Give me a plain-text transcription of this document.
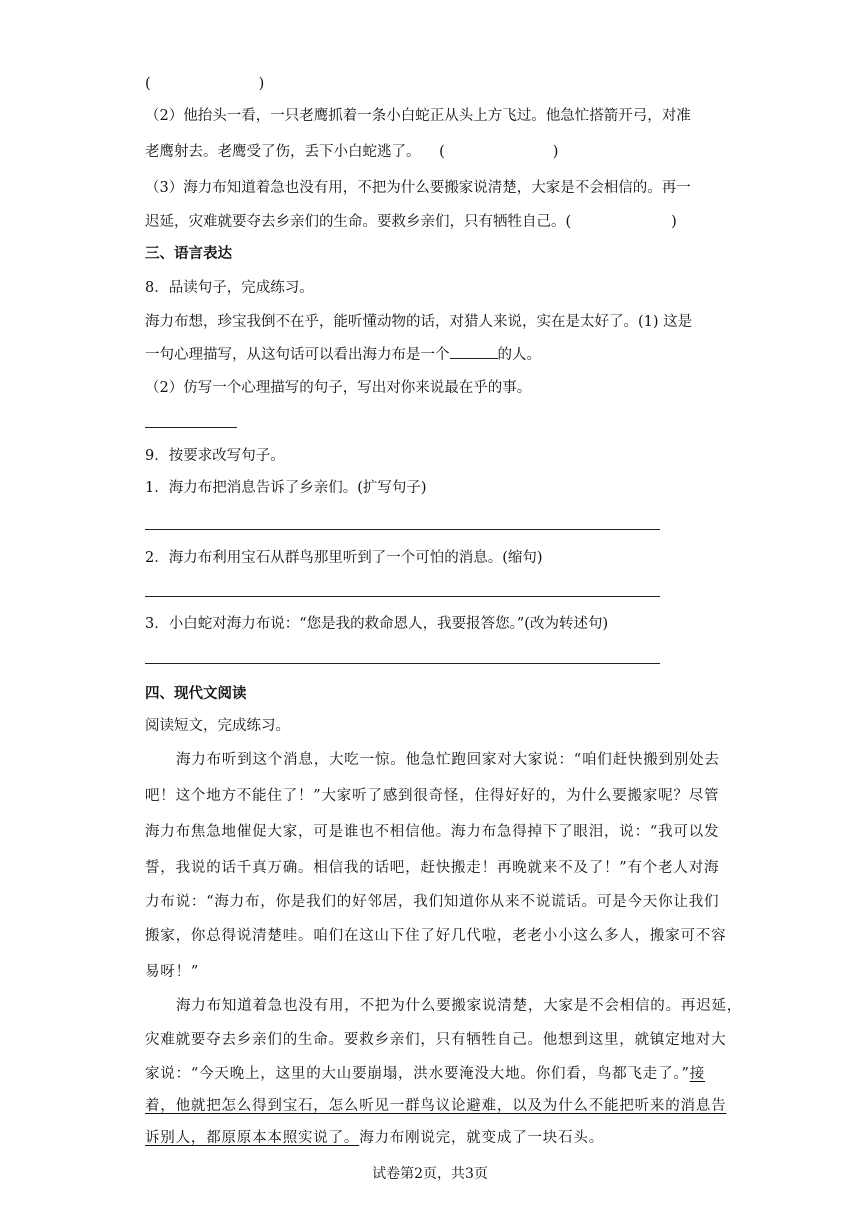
(	)
（2）他抬头一看，一只老鹰抓着一条小白蛇正从头上方飞过。他急忙搭箭开弓，对准
老鹰射去。老鹰受了伤，丢下小白蛇逃了。 (	)
（3）海力布知道着急也没有用，不把为什么要搬家说清楚，大家是不会相信的。再一
迟延，灾难就要夺去乡亲们的生命。要救乡亲们，只有牺牲自己。(	)
三、语言表达
8．品读句子，完成练习。
海力布想，珍宝我倒不在乎，能听懂动物的话，对猎人来说，实在是太好了。(1) 这是
一句心理描写，从这句话可以看出海力布是一个	的人。
（2）仿写一个心理描写的句子，写出对你来说最在乎的事。
9．按要求改写句子。
1．海力布把消息告诉了乡亲们。(扩写句子)
2．海力布利用宝石从群鸟那里听到了一个可怕的消息。(缩句)
3．小白蛇对海力布说：“您是我的救命恩人，我要报答您。”(改为转述句)
四、现代文阅读
阅读短文，完成练习。
海力布听到这个消息，大吃一惊。他急忙跑回家对大家说：“咱们赶快搬到别处去
吧！这个地方不能住了！”大家听了感到很奇怪，住得好好的，为什么要搬家呢？尽管
海力布焦急地催促大家，可是谁也不相信他。海力布急得掉下了眼泪，说：“我可以发
誓，我说的话千真万确。相信我的话吧，赶快搬走！再晚就来不及了！”有个老人对海
力布说：“海力布，你是我们的好邻居，我们知道你从来不说谎话。可是今天你让我们
搬家，你总得说清楚哇。咱们在这山下住了好几代啦，老老小小这么多人，搬家可不容
易呀！”
海力布知道着急也没有用，不把为什么要搬家说清楚，大家是不会相信的。再迟延，
灾难就要夺去乡亲们的生命。要救乡亲们，只有牺牲自己。他想到这里，就镇定地对大
家说：“今天晚上，这里的大山要崩塌，洪水要淹没大地。你们看，鸟都飞走了。”接
着，他就把怎么得到宝石，怎么听见一群鸟议论避难，以及为什么不能把听来的消息告
诉别人，都原原本本照实说了。海力布刚说完，就变成了一块石头。
试卷第2页，共3页
